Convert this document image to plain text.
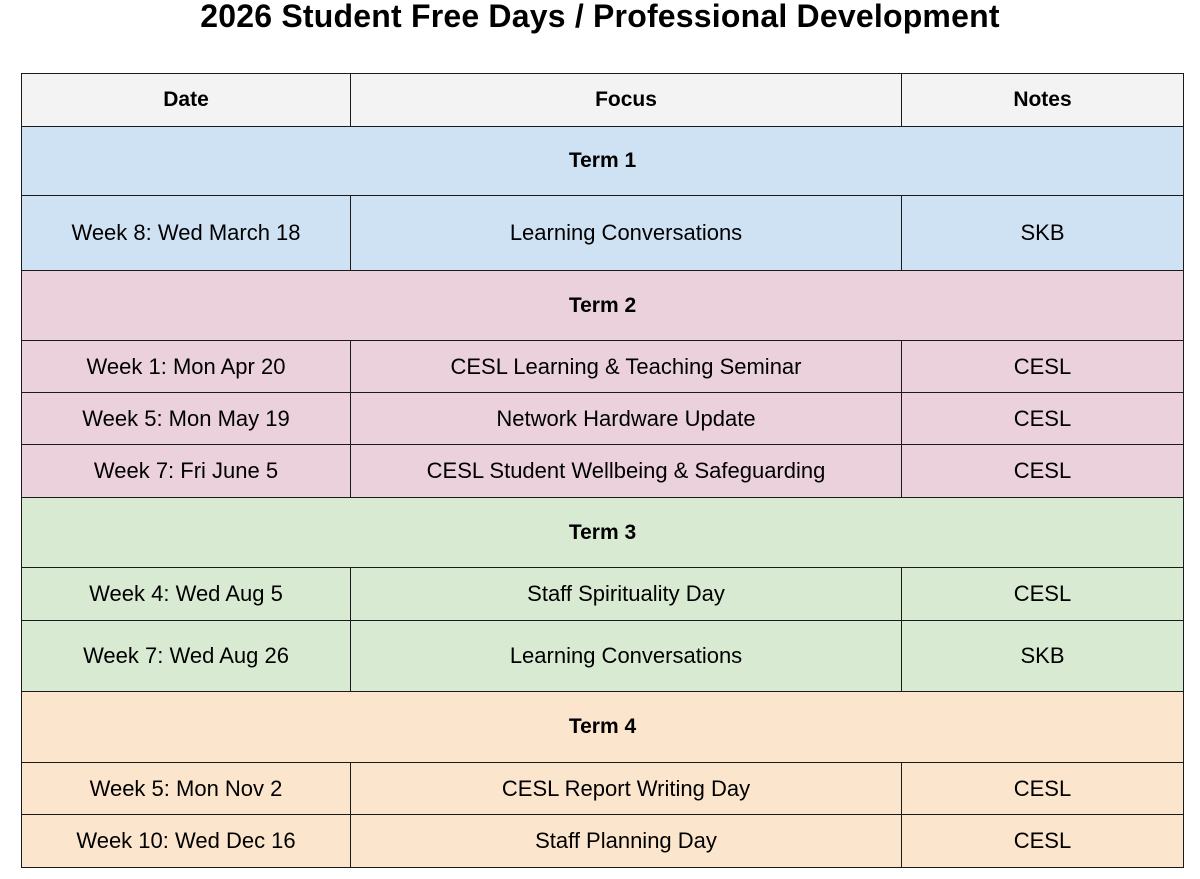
2026 Student Free Days / Professional Development
Date	Focus	Notes
Term 1		
Week 8: Wed March 18	Learning Conversations	SKB
Term 2		
Week 1: Mon Apr 20	CESL Learning & Teaching Seminar	CESL
Week 5: Mon May 19	Network Hardware Update	CESL
Week 7: Fri June 5	CESL Student Wellbeing & Safeguarding	CESL
Term 3		
Week 4: Wed Aug 5	Staff Spirituality Day	CESL
Week 7: Wed Aug 26	Learning Conversations	SKB
Term 4		
Week 5: Mon Nov 2	CESL Report Writing Day	CESL
Week 10: Wed Dec 16	Staff Planning Day	CESL
